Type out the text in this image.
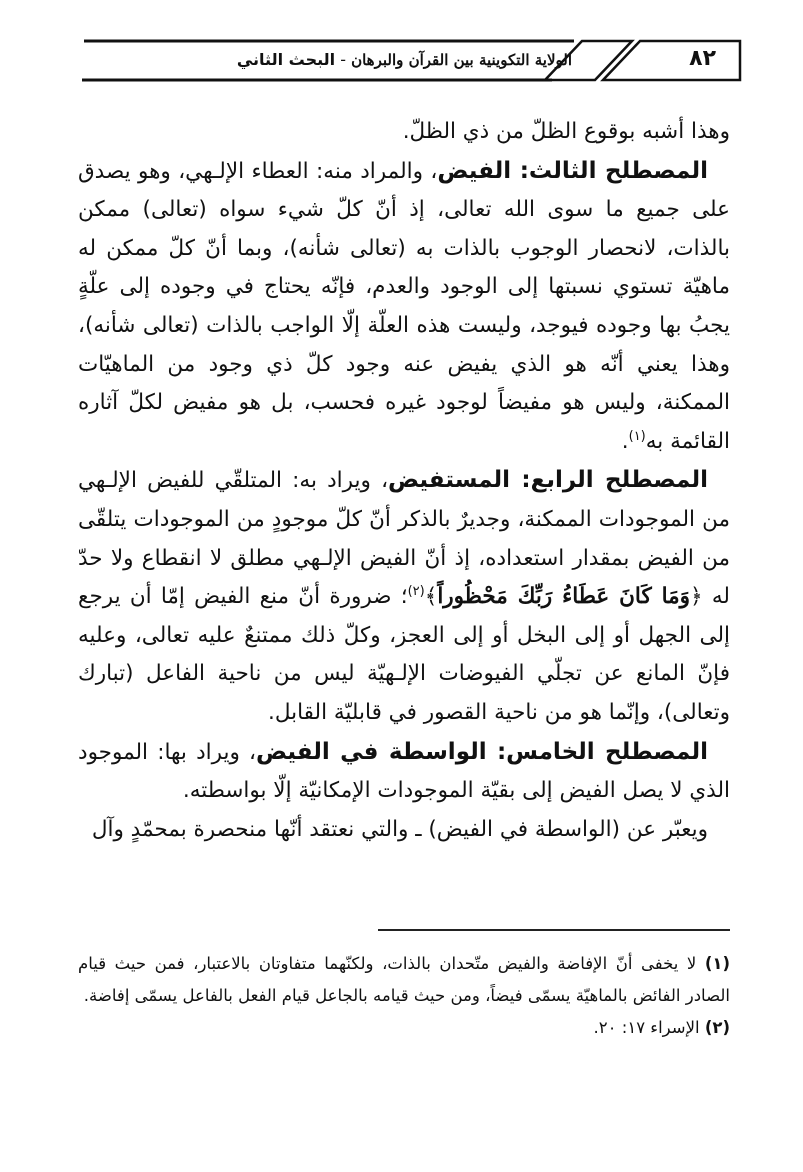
٨٢
الولاية التكوينية بين القرآن والبرهان - البحث الثاني

وهذا أشبه بوقوع الظلّ من ذي الظلّ.

المصطلح الثالث: الفيض، والمراد منه: العطاء الإلـهي، وهو يصدق على جميع ما سوى الله تعالى، إذ أنّ كلّ شيء سواه (تعالى) ممكن بالذات، لانحصار الوجوب بالذات به (تعالى شأنه)، وبما أنّ كلّ ممكن له ماهيّة تستوي نسبتها إلى الوجود والعدم، فإنّه يحتاج في وجوده إلى علّةٍ يجبُ بها وجوده فيوجد، وليست هذه العلّة إلّا الواجب بالذات (تعالى شأنه)، وهذا يعني أنّه هو الذي يفيض عنه وجود كلّ ذي وجود من الماهيّات الممكنة، وليس هو مفيضاً لوجود غيره فحسب، بل هو مفيض لكلّ آثاره القائمة به$^{(١)}$.

المصطلح الرابع: المستفيض، ويراد به: المتلقّي للفيض الإلـهي من الموجودات الممكنة، وجديرٌ بالذكر أنّ كلّ موجودٍ من الموجودات يتلقّى من الفيض بمقدار استعداده، إذ أنّ الفيض الإلـهي مطلق لا انقطاع ولا حدّ له ﴿وَمَا كَانَ عَطَاءُ رَبِّكَ مَحْظُوراً﴾$^{(٢)}$؛ ضرورة أنّ منع الفيض إمّا أن يرجع إلى الجهل أو إلى البخل أو إلى العجز، وكلّ ذلك ممتنعٌ عليه تعالى، وعليه فإنّ المانع عن تجلّي الفيوضات الإلـهيّة ليس من ناحية الفاعل (تبارك وتعالى)، وإنّما هو من ناحية القصور في قابليّة القابل.

المصطلح الخامس: الواسطة في الفيض، ويراد بها: الموجود الذي لا يصل الفيض إلى بقيّة الموجودات الإمكانيّة إلّا بواسطته.

ويعبّر عن (الواسطة في الفيض) ـ والتي نعتقد أنّها منحصرة بمحمّدٍ وآل

(١) لا يخفى أنّ الإفاضة والفيض متّحدان بالذات، ولكنّهما متفاوتان بالاعتبار، فمن حيث قيام الصادر الفائض بالماهيّة يسمّى فيضاً، ومن حيث قيامه بالجاعل قيام الفعل بالفاعل يسمّى إفاضة.

(٢) الإسراء ١٧: ٢٠.
